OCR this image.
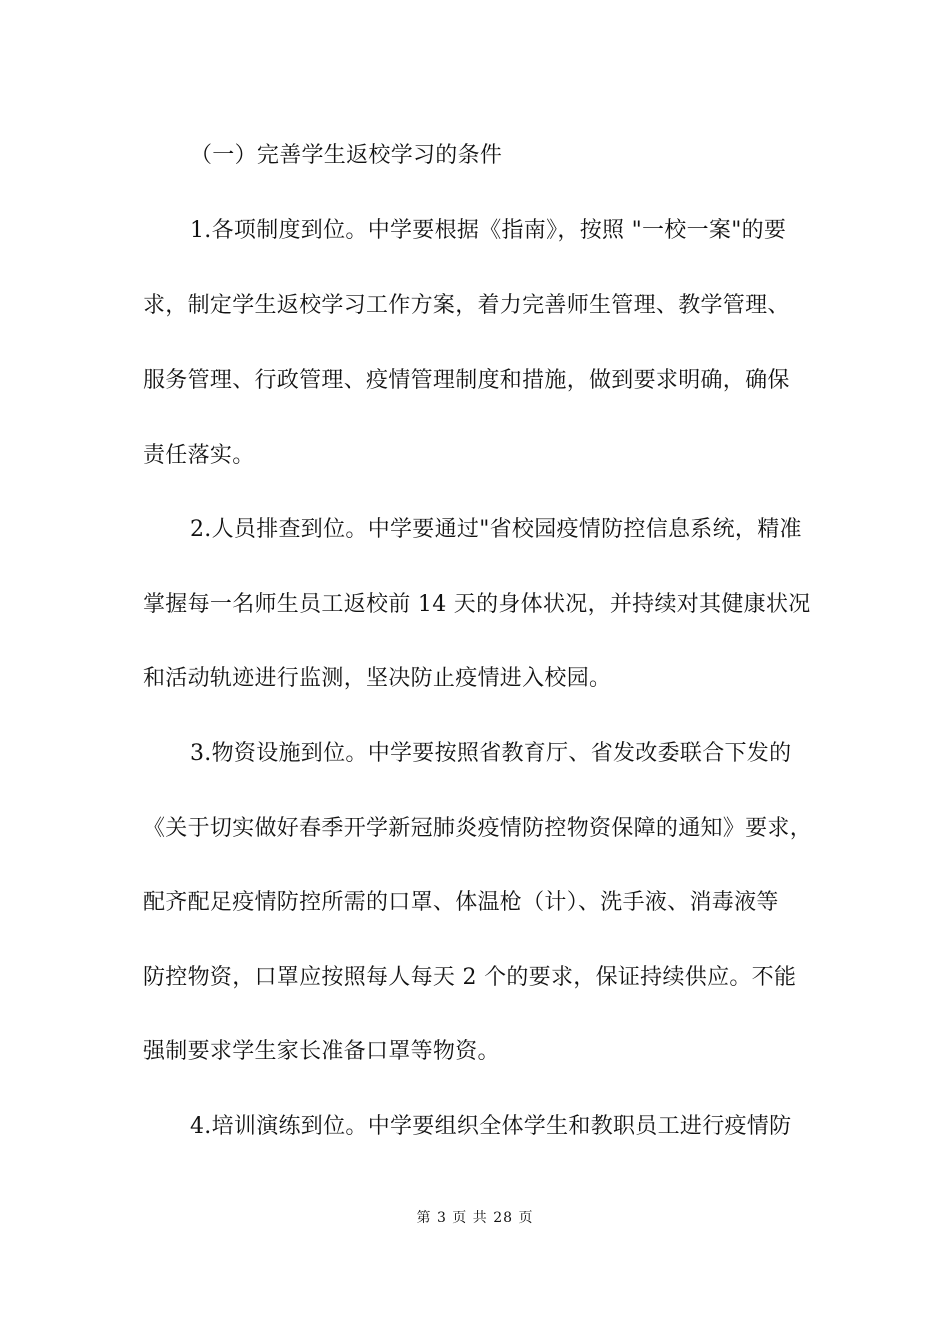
（一）完善学生返校学习的条件
1.各项制度到位。中学要根据《指南》，按照 "一校一案"的要
求，制定学生返校学习工作方案，着力完善师生管理、教学管理、
服务管理、行政管理、疫情管理制度和措施，做到要求明确，确保
责任落实。
2.人员排查到位。中学要通过"省校园疫情防控信息系统，精准
掌握每一名师生员工返校前 14 天的身体状况，并持续对其健康状况
和活动轨迹进行监测，坚决防止疫情进入校园。
3.物资设施到位。中学要按照省教育厅、省发改委联合下发的
《关于切实做好春季开学新冠肺炎疫情防控物资保障的通知》要求，
配齐配足疫情防控所需的口罩、体温枪（计）、洗手液、消毒液等
防控物资，口罩应按照每人每天 2 个的要求，保证持续供应。不能
强制要求学生家长准备口罩等物资。
4.培训演练到位。中学要组织全体学生和教职员工进行疫情防
第 3 页 共 28 页
